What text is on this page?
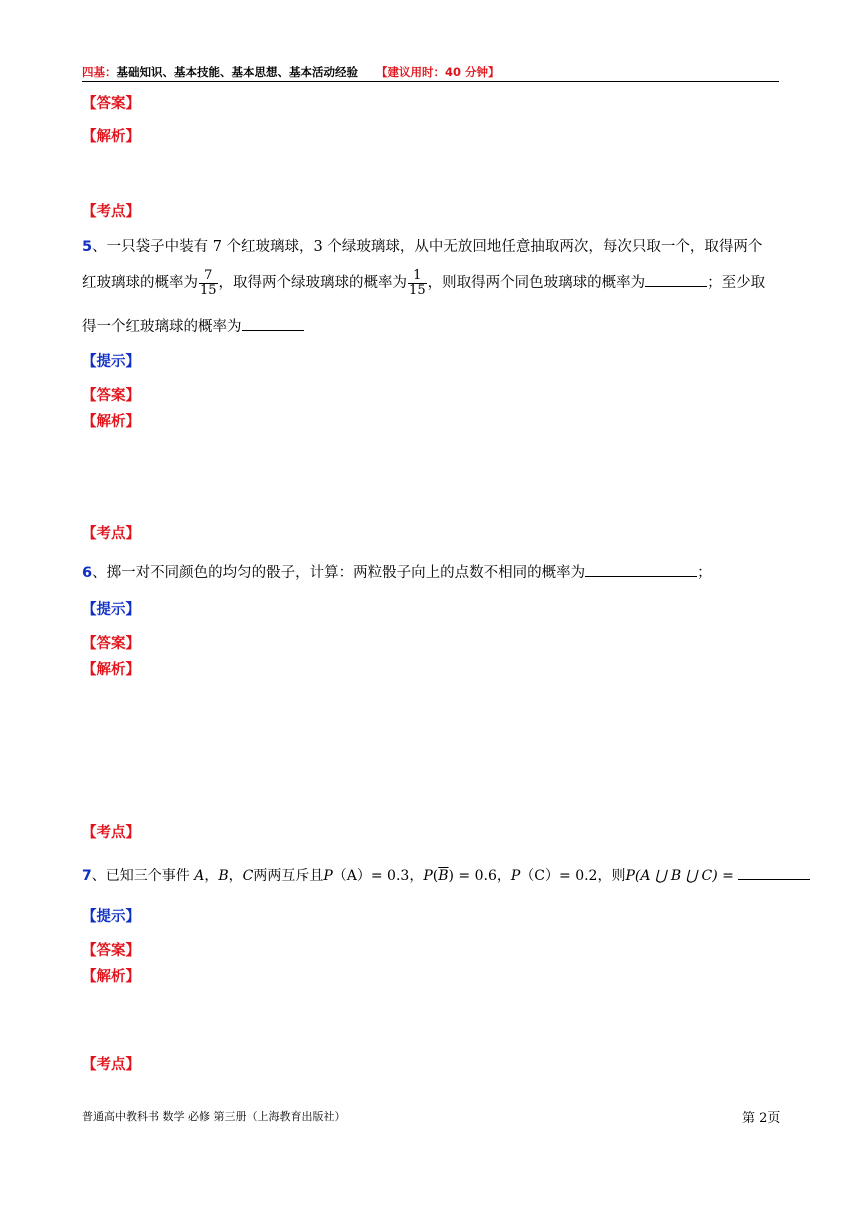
四基：基础知识、基本技能、基本思想、基本活动经验 【建议用时：40 分钟】
【答案】
【解析】
【考点】
5、一只袋子中装有 7 个红玻璃球，3 个绿玻璃球，从中无放回地任意抽取两次，每次只取一个，取得两个
红玻璃球的概率为 $\frac{7}{15}$ ，取得两个绿玻璃球的概率为 $\frac{1}{15}$ ，则取得两个同色玻璃球的概率为	；至少取
得一个红玻璃球的概率为
【提示】
【答案】
【解析】
【考点】
6、掷一对不同颜色的均匀的骰子，计算：两粒骰子向上的点数不相同的概率为	；
【提示】
【答案】
【解析】
【考点】
7、已知三个事件 A，B，C两两互斥且P（A）= 0.3，$P(\overline{B}) = 0.6$，P（C）= 0.2，则P(A ⋃ B ⋃ C) =
【提示】
【答案】
【解析】
【考点】
普通高中教科书 数学 必修 第三册（上海教育出版社）	第 2页
